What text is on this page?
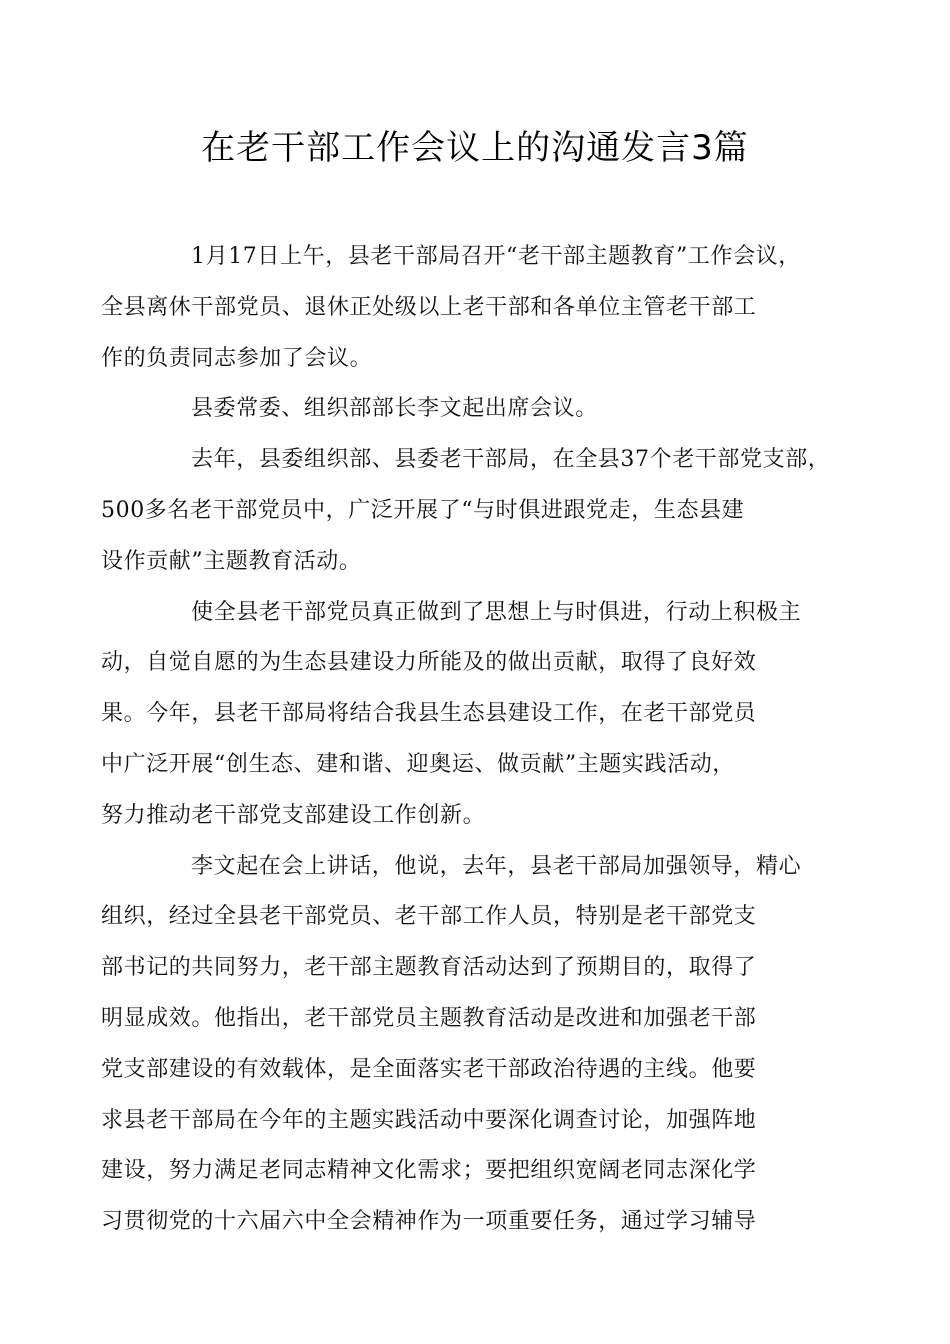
在老干部工作会议上的沟通发言3篇

1月17日上午，县老干部局召开“老干部主题教育”工作会议，
全县离休干部党员、退休正处级以上老干部和各单位主管老干部工
作的负责同志参加了会议。

县委常委、组织部部长李文起出席会议。

去年，县委组织部、县委老干部局，在全县37个老干部党支部，
500多名老干部党员中，广泛开展了“与时俱进跟党走，生态县建
设作贡献”主题教育活动。

使全县老干部党员真正做到了思想上与时俱进，行动上积极主
动，自觉自愿的为生态县建设力所能及的做出贡献，取得了良好效
果。今年，县老干部局将结合我县生态县建设工作，在老干部党员
中广泛开展“创生态、建和谐、迎奥运、做贡献”主题实践活动，
努力推动老干部党支部建设工作创新。

李文起在会上讲话，他说，去年，县老干部局加强领导，精心
组织，经过全县老干部党员、老干部工作人员，特别是老干部党支
部书记的共同努力，老干部主题教育活动达到了预期目的，取得了
明显成效。他指出，老干部党员主题教育活动是改进和加强老干部
党支部建设的有效载体，是全面落实老干部政治待遇的主线。他要
求县老干部局在今年的主题实践活动中要深化调查讨论，加强阵地
建设，努力满足老同志精神文化需求；要把组织宽阔老同志深化学
习贯彻党的十六届六中全会精神作为一项重要任务，通过学习辅导
